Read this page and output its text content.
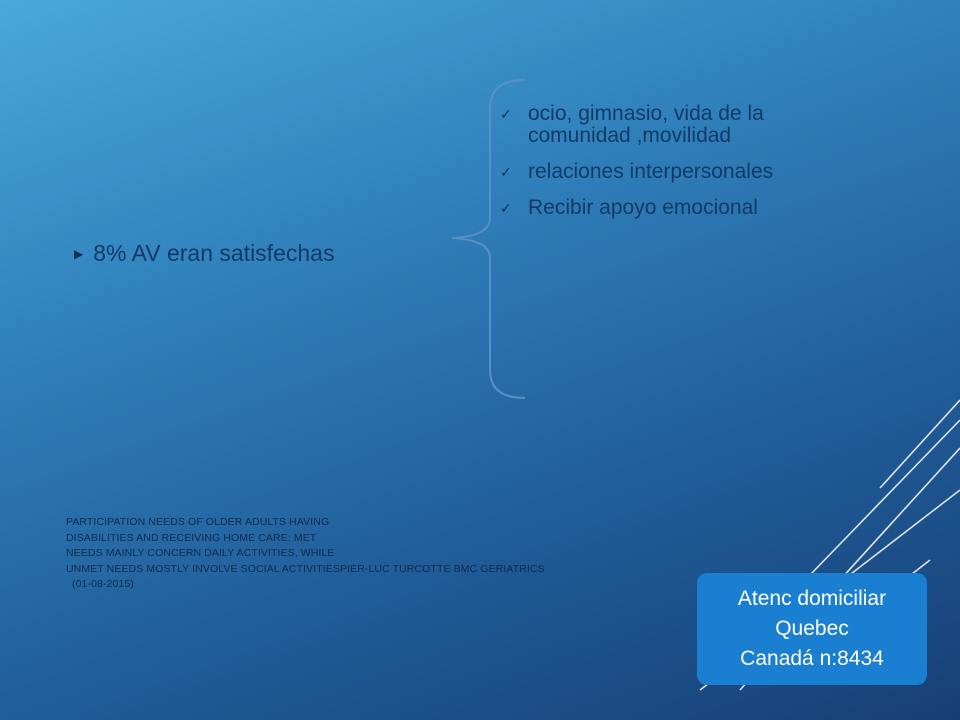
▶ 8% AV eran satisfechas
✓ ocio, gimnasio, vida de la
comunidad ,movilidad
✓ relaciones interpersonales
✓ Recibir apoyo emocional
PARTICIPATION NEEDS OF OLDER ADULTS HAVING
DISABILITIES AND RECEIVING HOME CARE: MET
NEEDS MAINLY CONCERN DAILY ACTIVITIES, WHILE
UNMET NEEDS MOSTLY INVOLVE SOCIAL ACTIVITIESPIER-LUC TURCOTTE BMC GERIATRICS
(01-08-2015)
Atenc domiciliar
Quebec
Canadá n:8434
